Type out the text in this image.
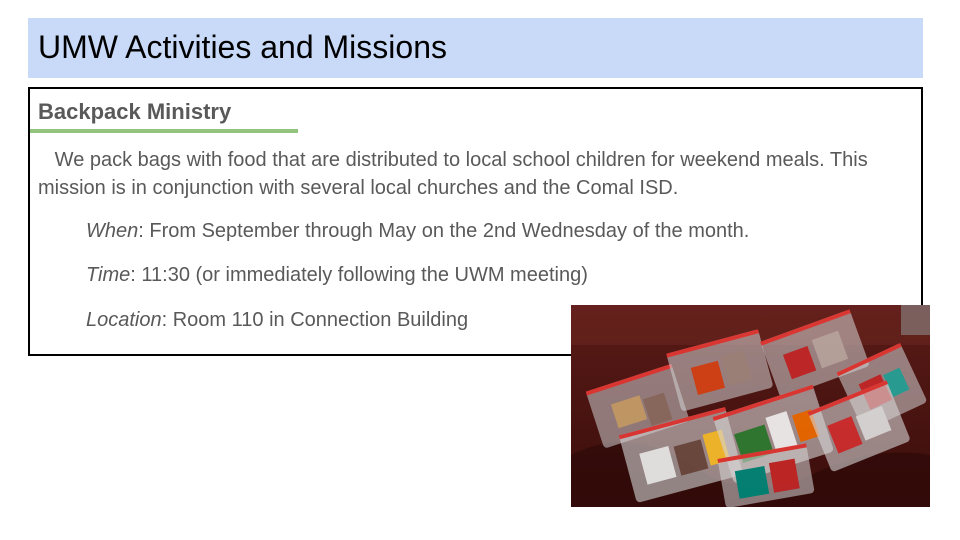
UMW Activities and Missions
Backpack Ministry
We pack bags with food that are distributed to local school children for weekend meals. This mission is in conjunction with several local churches and the Comal ISD.
When: From September through May on the 2nd Wednesday of the month.
Time: 11:30 (or immediately following the UWM meeting)
Location: Room 110 in Connection Building
